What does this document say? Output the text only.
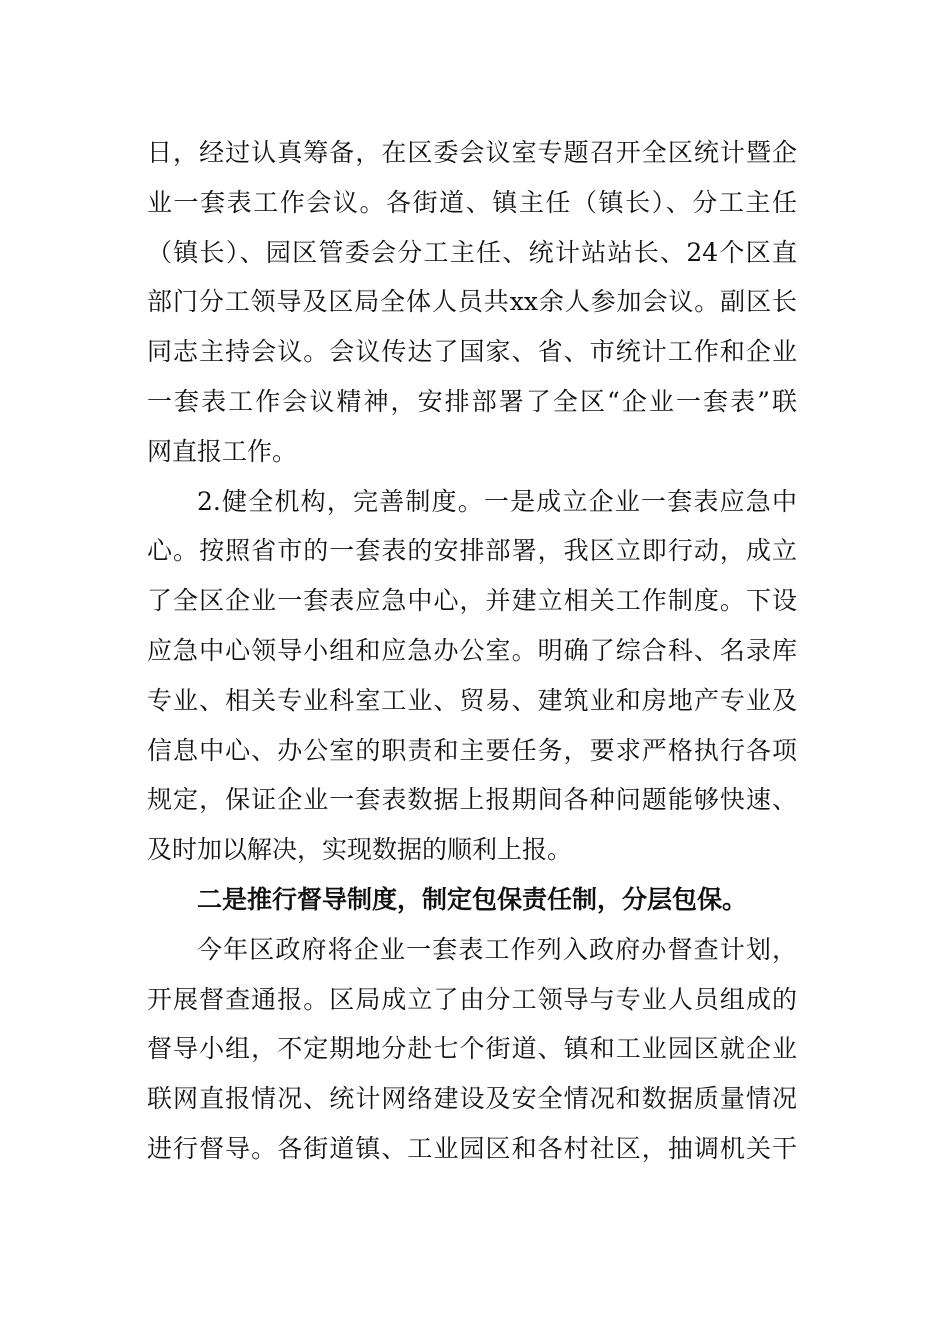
日，经过认真筹备，在区委会议室专题召开全区统计暨企
业一套表工作会议。各街道、镇主任（镇长）、分工主任
（镇长）、园区管委会分工主任、统计站站长、24个区直
部门分工领导及区局全体人员共xx余人参加会议。副区长
同志主持会议。会议传达了国家、省、市统计工作和企业
一套表工作会议精神，安排部署了全区“企业一套表”联
网直报工作。
2.健全机构，完善制度。一是成立企业一套表应急中
心。按照省市的一套表的安排部署，我区立即行动，成立
了全区企业一套表应急中心，并建立相关工作制度。下设
应急中心领导小组和应急办公室。明确了综合科、名录库
专业、相关专业科室工业、贸易、建筑业和房地产专业及
信息中心、办公室的职责和主要任务，要求严格执行各项
规定，保证企业一套表数据上报期间各种问题能够快速、
及时加以解决，实现数据的顺利上报。
二是推行督导制度，制定包保责任制，分层包保。
今年区政府将企业一套表工作列入政府办督查计划，
开展督查通报。区局成立了由分工领导与专业人员组成的
督导小组，不定期地分赴七个街道、镇和工业园区就企业
联网直报情况、统计网络建设及安全情况和数据质量情况
进行督导。各街道镇、工业园区和各村社区，抽调机关干
